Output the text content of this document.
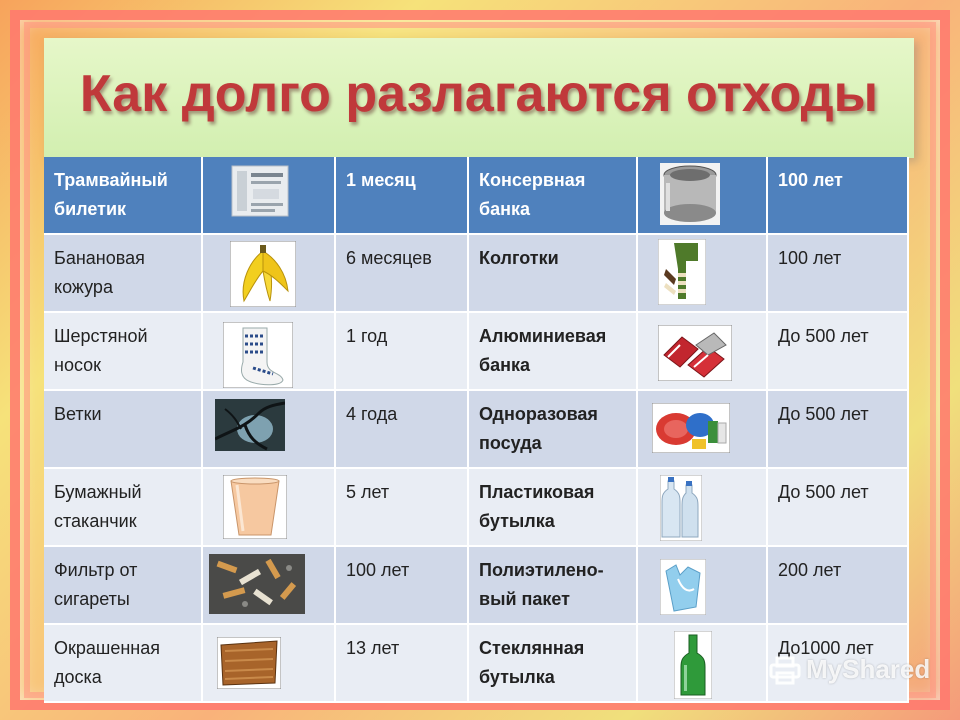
Как долго разлагаются отходы
Трамвайный билетик		1 месяц	Консервная банка		100 лет
Банановая кожура		6 месяцев	Колготки		100 лет
Шерстяной носок		1 год	Алюминиевая банка		До 500 лет
Ветки		4 года	Одноразовая посуда		До 500 лет
Бумажный стаканчик		5 лет	Пластиковая бутылка		До 500 лет
Фильтр от сигареты		100 лет	Полиэтилено-вый пакет		200 лет
Окрашенная доска		13 лет	Стеклянная бутылка		До1000 лет
MyShared
